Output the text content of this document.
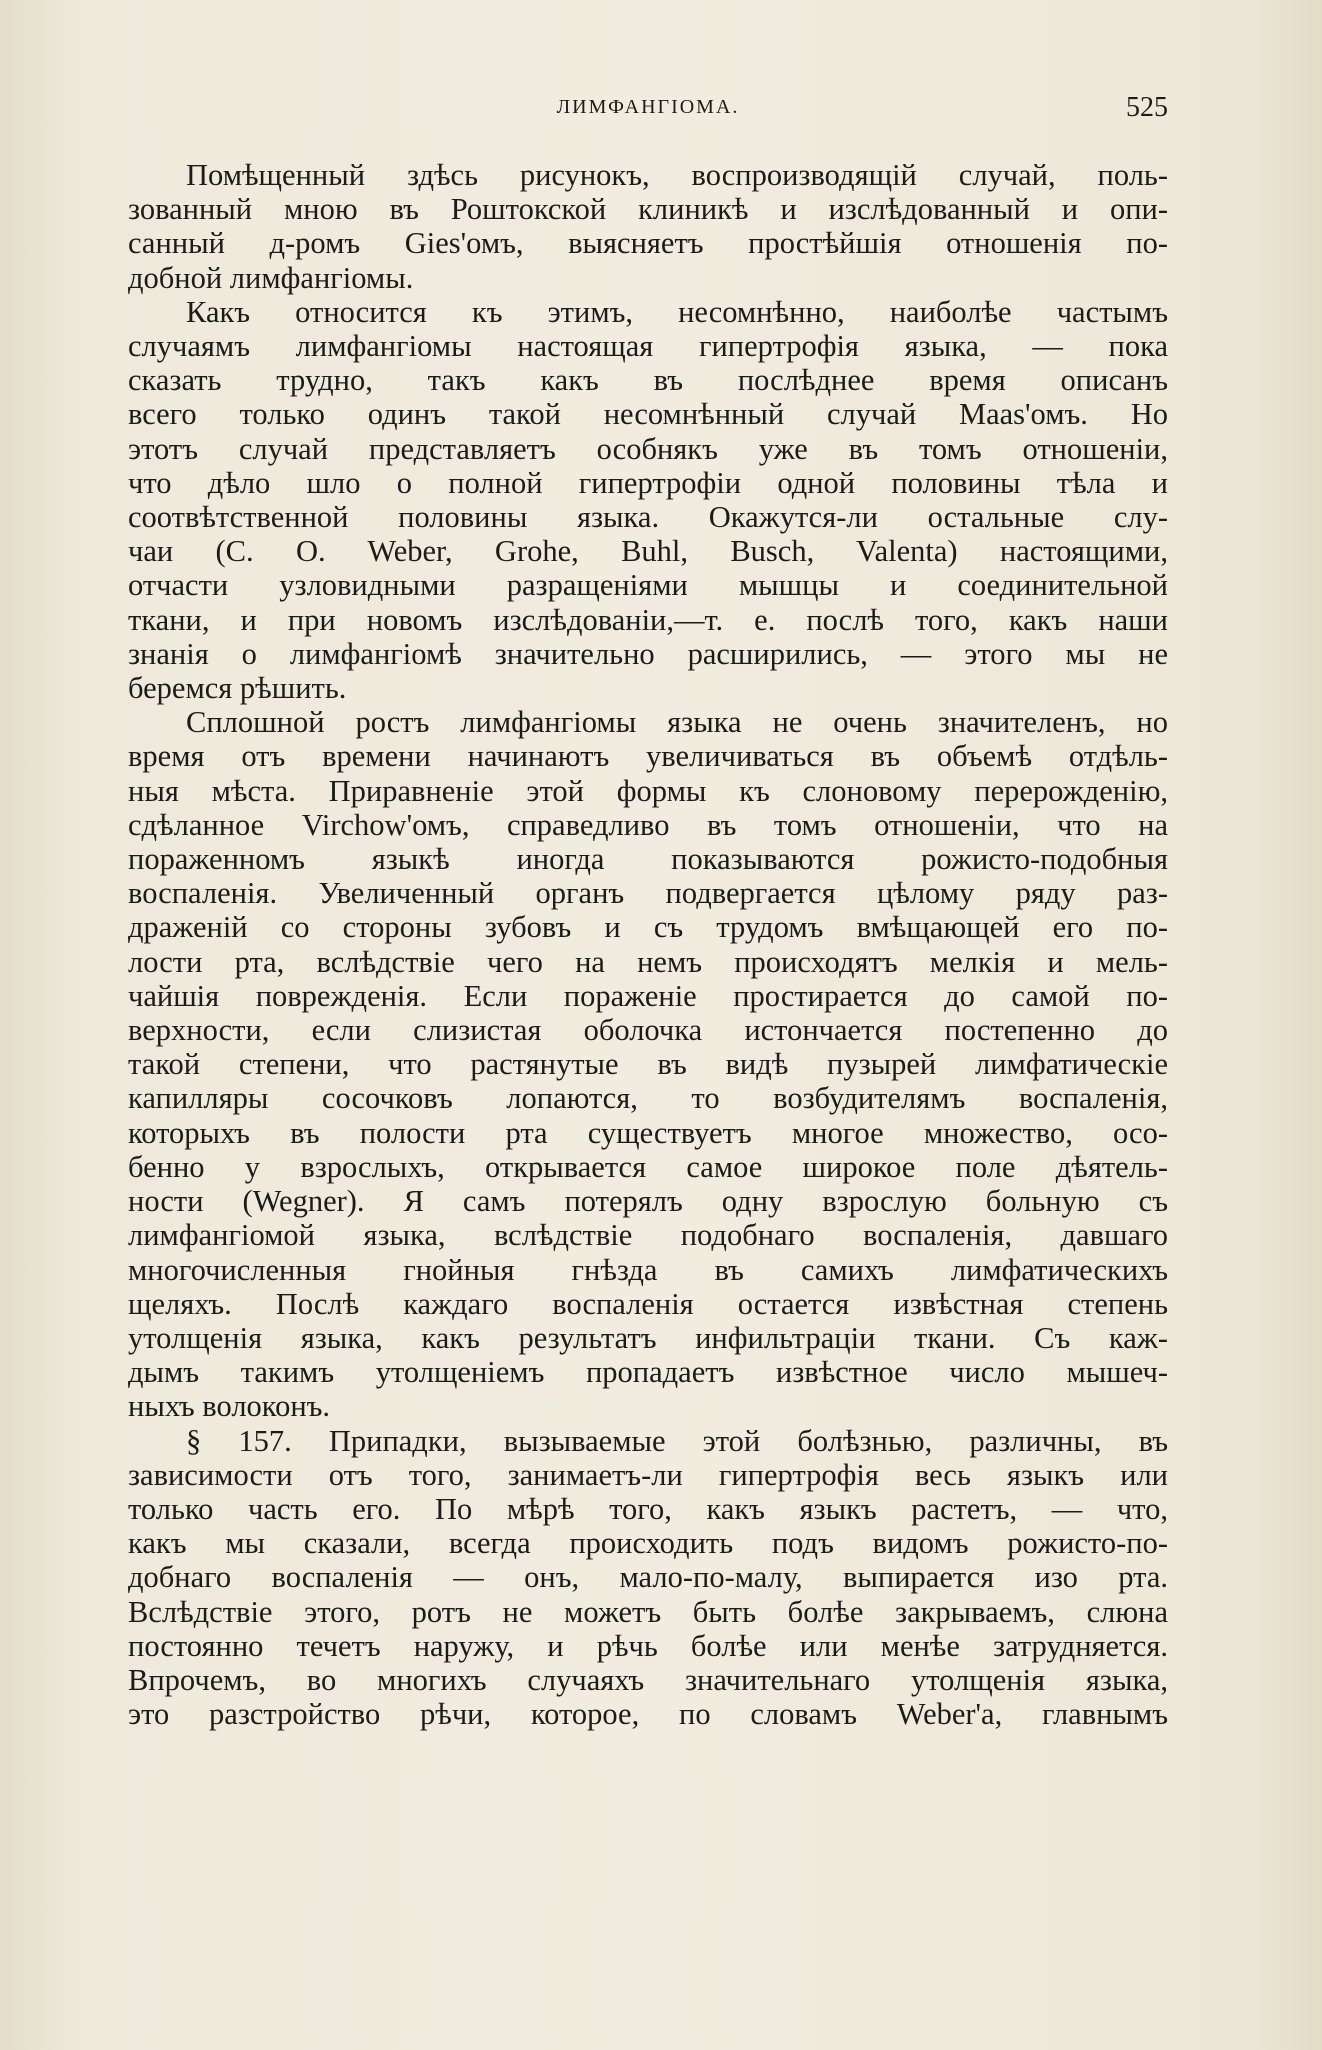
ЛИМФАНГІОМА.	525

Помѣщенный здѣсь рисунокъ, воспроизводящій случай, поль-
зованный мною въ Роштокской клиникѣ и изслѣдованный и опи-
санный д-ромъ Gies'омъ, выясняетъ простѣйшія отношенія по-
добной лимфангіомы.

Какъ относится къ этимъ, несомнѣнно, наиболѣе частымъ
случаямъ лимфангіомы настоящая гипертрофія языка, — пока
сказать трудно, такъ какъ въ послѣднее время описанъ
всего только одинъ такой несомнѣнный случай Maas'омъ. Но
этотъ случай представляетъ особнякъ уже въ томъ отношеніи,
что дѣло шло о полной гипертрофіи одной половины тѣла и
соотвѣтственной половины языка. Окажутся-ли остальные слу-
чаи (C. O. Weber, Grohe, Buhl, Busch, Valenta) настоящими,
отчасти узловидными разращеніями мышцы и соединительной
ткани, и при новомъ изслѣдованіи,—т. е. послѣ того, какъ наши
знанія о лимфангіомѣ значительно расширились, — этого мы не
беремся рѣшить.

Сплошной ростъ лимфангіомы языка не очень значителенъ, но
время отъ времени начинаютъ увеличиваться въ объемѣ отдѣль-
ныя мѣста. Приравненіе этой формы къ слоновому перерожденію,
сдѣланное Virchow'омъ, справедливо въ томъ отношеніи, что на
пораженномъ языкѣ иногда показываются рожисто-подобныя
воспаленія. Увеличенный органъ подвергается цѣлому ряду раз-
драженій со стороны зубовъ и съ трудомъ вмѣщающей его по-
лости рта, вслѣдствіе чего на немъ происходятъ мелкія и мель-
чайшія поврежденія. Если пораженіе простирается до самой по-
верхности, если слизистая оболочка истончается постепенно до
такой степени, что растянутые въ видѣ пузырей лимфатическіе
капилляры сосочковъ лопаются, то возбудителямъ воспаленія,
которыхъ въ полости рта существуетъ многое множество, осо-
бенно у взрослыхъ, открывается самое широкое поле дѣятель-
ности (Wegner). Я самъ потерялъ одну взрослую больную съ
лимфангіомой языка, вслѣдствіе подобнаго воспаленія, давшаго
многочисленныя гнойныя гнѣзда въ самихъ лимфатическихъ
щеляхъ. Послѣ каждаго воспаленія остается извѣстная степень
утолщенія языка, какъ результатъ инфильтраціи ткани. Съ каж-
дымъ такимъ утолщеніемъ пропадаетъ извѣстное число мышеч-
ныхъ волоконъ.

§ 157. Припадки, вызываемые этой болѣзнью, различны, въ
зависимости отъ того, занимаетъ-ли гипертрофія весь языкъ или
только часть его. По мѣрѣ того, какъ языкъ растетъ, — что,
какъ мы сказали, всегда происходить подъ видомъ рожисто-по-
добнаго воспаленія — онъ, мало-по-малу, выпирается изо рта.
Вслѣдствіе этого, ротъ не можетъ быть болѣе закрываемъ, слюна
постоянно течетъ наружу, и рѣчь болѣе или менѣе затрудняется.
Впрочемъ, во многихъ случаяхъ значительнаго утолщенія языка,
это разстройство рѣчи, которое, по словамъ Weber'а, главнымъ
